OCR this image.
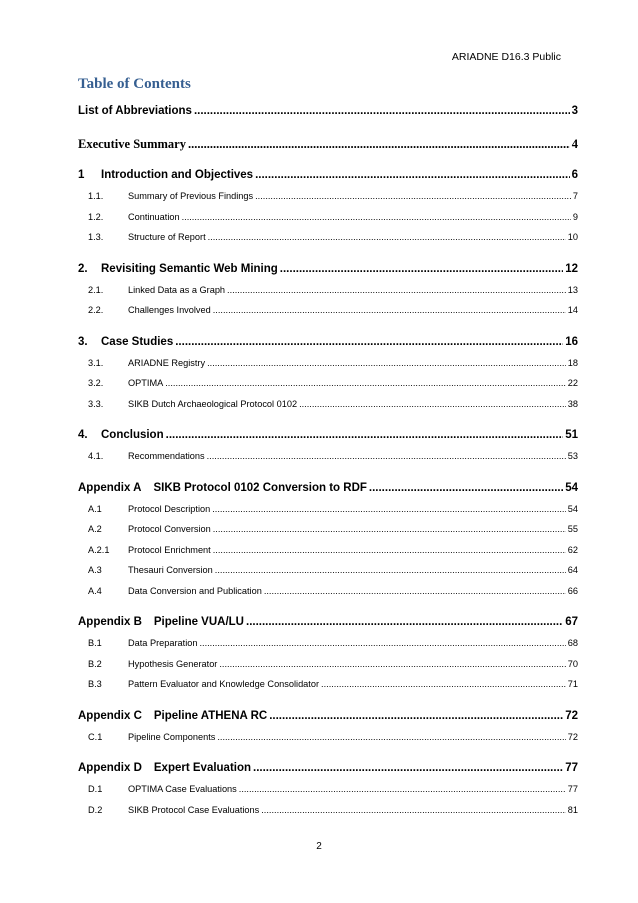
ARIADNE D16.3 Public
Table of Contents
List of Abbreviations .....	3
Executive Summary .....	4
1	Introduction and Objectives .....	6
1.1.	Summary of Previous Findings .....	7
1.2.	Continuation .....	9
1.3.	Structure of Report .....	10
2.	Revisiting Semantic Web Mining .....	12
2.1.	Linked Data as a Graph .....	13
2.2.	Challenges Involved .....	14
3.	Case Studies .....	16
3.1.	ARIADNE Registry .....	18
3.2.	OPTIMA .....	22
3.3.	SIKB Dutch Archaeological Protocol 0102 .....	38
4.	Conclusion .....	51
4.1.	Recommendations .....	53
Appendix A SIKB Protocol 0102 Conversion to RDF .....	54
A.1	Protocol Description .....	54
A.2	Protocol Conversion .....	55
A.2.1	Protocol Enrichment .....	62
A.3	Thesauri Conversion .....	64
A.4	Data Conversion and Publication .....	66
Appendix B Pipeline VUA/LU .....	67
B.1	Data Preparation .....	68
B.2	Hypothesis Generator .....	70
B.3	Pattern Evaluator and Knowledge Consolidator .....	71
Appendix C Pipeline ATHENA RC .....	72
C.1	Pipeline Components .....	72
Appendix D Expert Evaluation .....	77
D.1	OPTIMA Case Evaluations .....	77
D.2	SIKB Protocol Case Evaluations .....	81
2
